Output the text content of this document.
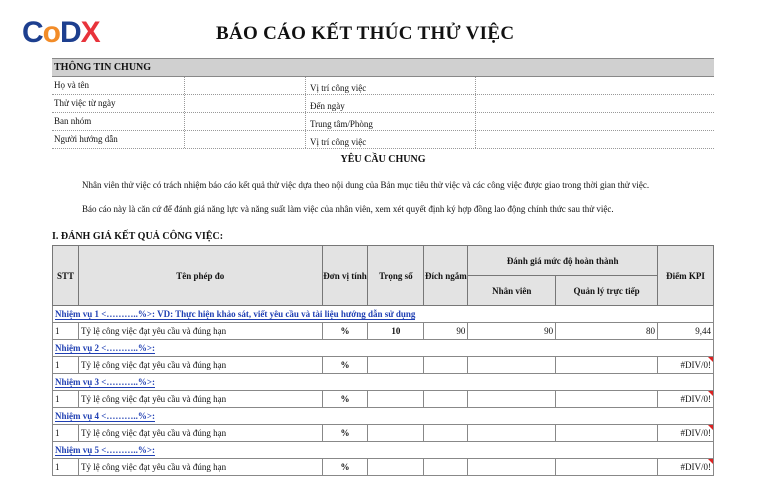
C o D X	BÁO CÁO KẾT THÚC THỬ VIỆC
THÔNG TIN CHUNG
Họ và tên	Vị trí công việc
Thử việc từ ngày	Đến ngày
Ban nhóm	Trung tâm/Phòng
Người hướng dẫn	Vị trí công việc
YÊU CẦU CHUNG
Nhân viên thử việc có trách nhiệm báo cáo kết quả thử việc dựa theo nội dung của Bản mục tiêu thử việc và các công việc được giao trong thời gian thử việc.
Báo cáo này là căn cứ để đánh giá năng lực và năng suất làm việc của nhân viên, xem xét quyết định ký hợp đồng lao động chính thức sau thử việc.
I. ĐÁNH GIÁ KẾT QUẢ CÔNG VIỆC:
STT	Tên phép đo	Đơn vị tính	Trọng số	Đích ngắm	Đánh giá mức độ hoàn thành		Điểm KPI
					Nhân viên	Quản lý trực tiếp	
Nhiệm vụ 1 <………..%>: VD: Thực hiện khảo sát, viết yêu cầu và tài liệu hướng dẫn sử dụng							
1	Tỷ lệ công việc đạt yêu cầu và đúng hạn	%	10	90	90	80	9,44
Nhiệm vụ 2 <………..%>:							
1	Tỷ lệ công việc đạt yêu cầu và đúng hạn	%					#DIV/0!
Nhiệm vụ 3 <………..%>:							
1	Tỷ lệ công việc đạt yêu cầu và đúng hạn	%					#DIV/0!
Nhiệm vụ 4 <………..%>:							
1	Tỷ lệ công việc đạt yêu cầu và đúng hạn	%					#DIV/0!
Nhiệm vụ 5 <………..%>:							
1	Tỷ lệ công việc đạt yêu cầu và đúng hạn	%					#DIV/0!
